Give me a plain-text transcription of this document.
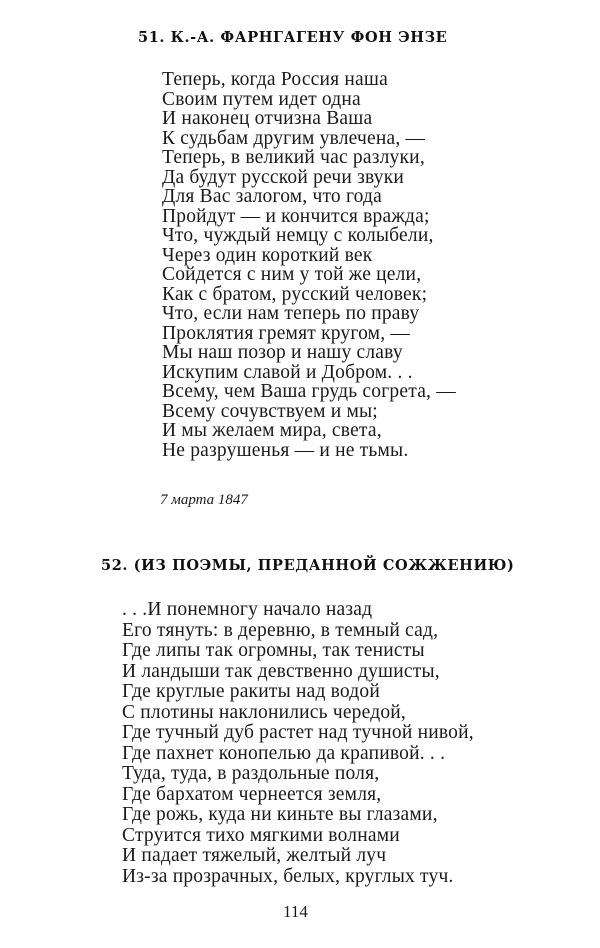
51. К.-А. ФАРНГАГЕНУ ФОН ЭНЗЕ
Теперь, когда Россия наша
Своим путем идет одна
И наконец отчизна Ваша
К судьбам другим увлечена, —
Теперь, в великий час разлуки,
Да будут русской речи звуки
Для Вас залогом, что года
Пройдут — и кончится вражда;
Что, чуждый немцу с колыбели,
Через один короткий век
Сойдется с ним у той же цели,
Как с братом, русский человек;
Что, если нам теперь по праву
Проклятия гремят кругом, —
Мы наш позор и нашу славу
Искупим славой и Добром. . .
Всему, чем Ваша грудь согрета, —
Всему сочувствуем и мы;
И мы желаем мира, света,
Не разрушенья — и не тьмы.
7 марта 1847
52. (ИЗ ПОЭМЫ, ПРЕДАННОЙ СОЖЖЕНИЮ)
. . .И понемногу начало назад
Его тянуть: в деревню, в темный сад,
Где липы так огромны, так тенисты
И ландыши так девственно душисты,
Где круглые ракиты над водой
С плотины наклонились чередой,
Где тучный дуб растет над тучной нивой,
Где пахнет конопелью да крапивой. . .
Туда, туда, в раздольные поля,
Где бархатом чернеется земля,
Где рожь, куда ни киньте вы глазами,
Струится тихо мягкими волнами
И падает тяжелый, желтый луч
Из-за прозрачных, белых, круглых туч.
114
